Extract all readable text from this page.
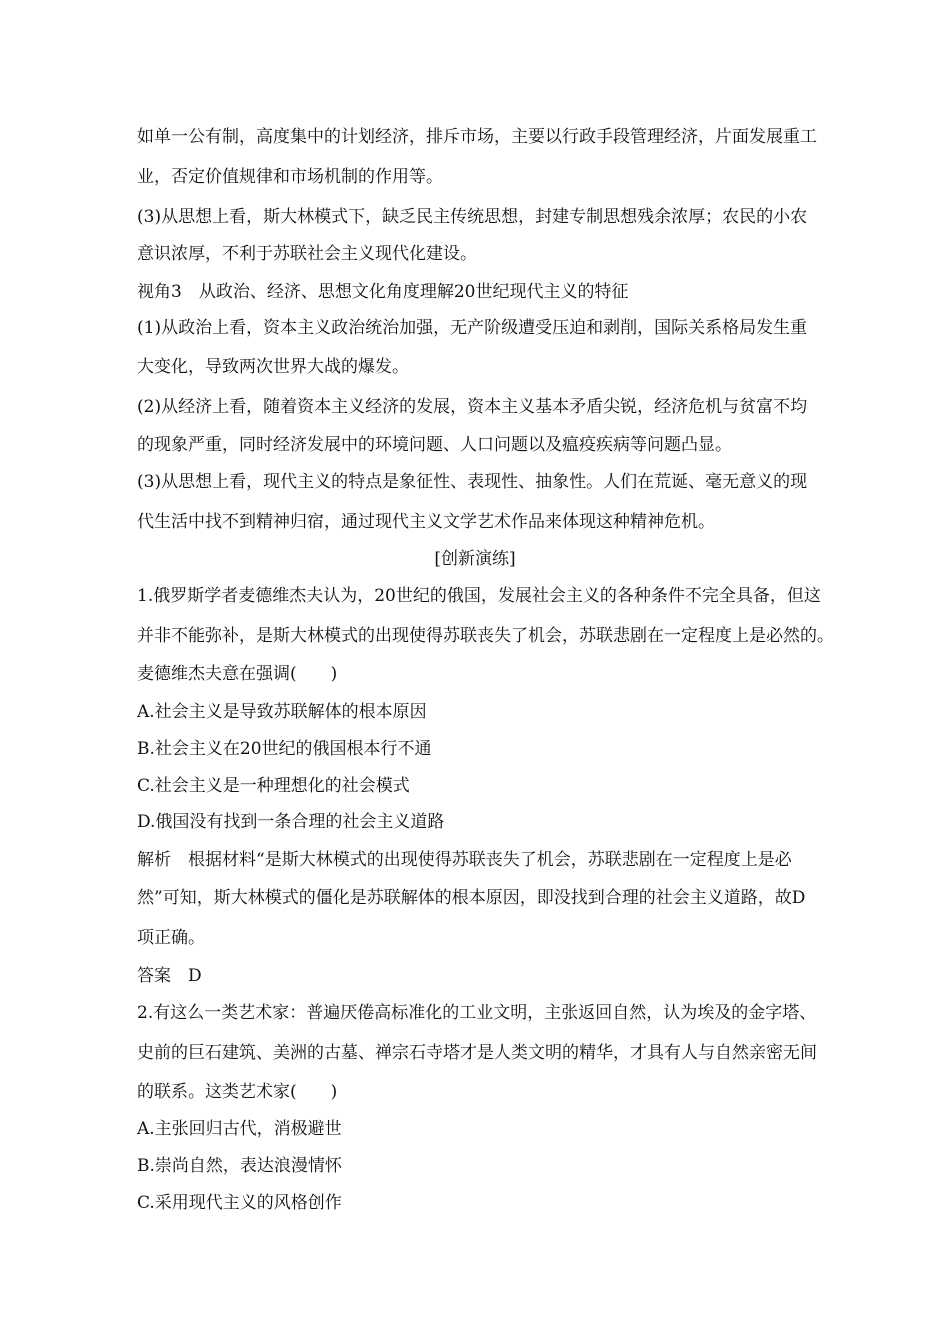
如单一公有制，高度集中的计划经济，排斥市场，主要以行政手段管理经济，片面发展重工
业，否定价值规律和市场机制的作用等。
(3)从思想上看，斯大林模式下，缺乏民主传统思想，封建专制思想残余浓厚；农民的小农
意识浓厚，不利于苏联社会主义现代化建设。
视角3　从政治、经济、思想文化角度理解20世纪现代主义的特征
(1)从政治上看，资本主义政治统治加强，无产阶级遭受压迫和剥削，国际关系格局发生重
大变化，导致两次世界大战的爆发。
(2)从经济上看，随着资本主义经济的发展，资本主义基本矛盾尖锐，经济危机与贫富不均
的现象严重，同时经济发展中的环境问题、人口问题以及瘟疫疾病等问题凸显。
(3)从思想上看，现代主义的特点是象征性、表现性、抽象性。人们在荒诞、毫无意义的现
代生活中找不到精神归宿，通过现代主义文学艺术作品来体现这种精神危机。
[创新演练]
1.俄罗斯学者麦德维杰夫认为，20世纪的俄国，发展社会主义的各种条件不完全具备，但这
并非不能弥补，是斯大林模式的出现使得苏联丧失了机会，苏联悲剧在一定程度上是必然的。
麦德维杰夫意在强调(　　)
A.社会主义是导致苏联解体的根本原因
B.社会主义在20世纪的俄国根本行不通
C.社会主义是一种理想化的社会模式
D.俄国没有找到一条合理的社会主义道路
解析　根据材料“是斯大林模式的出现使得苏联丧失了机会，苏联悲剧在一定程度上是必
然”可知，斯大林模式的僵化是苏联解体的根本原因，即没找到合理的社会主义道路，故D
项正确。
答案　D
2.有这么一类艺术家：普遍厌倦高标准化的工业文明，主张返回自然，认为埃及的金字塔、
史前的巨石建筑、美洲的古墓、禅宗石寺塔才是人类文明的精华，才具有人与自然亲密无间
的联系。这类艺术家(　　)
A.主张回归古代，消极避世
B.崇尚自然，表达浪漫情怀
C.采用现代主义的风格创作
